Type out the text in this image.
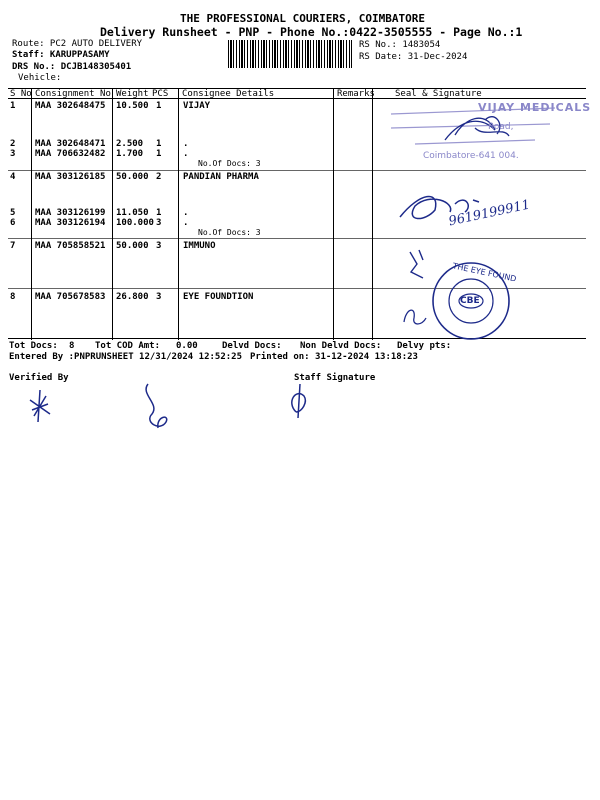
THE PROFESSIONAL COURIERS, COIMBATORE
Delivery Runsheet - PNP - Phone No.:0422-3505555 - Page No.:1
Route: PC2 AUTO DELIVERY
Staff: KARUPPASAMY
DRS No.: DCJB148305401
Vehicle:
RS No.: 1483054
RS Date: 31-Dec-2024
S No Consignment No Weight PCS Consignee Details	Remarks Seal & Signature
1 MAA 302648475 10.500 1 VIJAY
2 MAA 302648471 2.500 1 .
3 MAA 706632482 1.700 1 .
No.Of Docs: 3
4 MAA 303126185 50.000 2 PANDIAN PHARMA
5 MAA 303126199 11.050 1 .
6 MAA 303126194 100.000 3 .
No.Of Docs: 3
7 MAA 705858521 50.000 3 IMMUNO
8 MAA 705678583 26.800 3 EYE FOUNDTION
VIJAY MEDICALS
Road,
Coimbatore-641 004.
9619199911
THE EYE FOUND
CBE
Tot Docs: 8 Tot COD Amt: 0.00	Delvd Docs: Non Delvd Docs: Delvy pts:
Entered By :PNPRUNSHEET 12/31/2024 12:52:25 Printed on: 31-12-2024 13:18:23
Verified By	Staff Signature
